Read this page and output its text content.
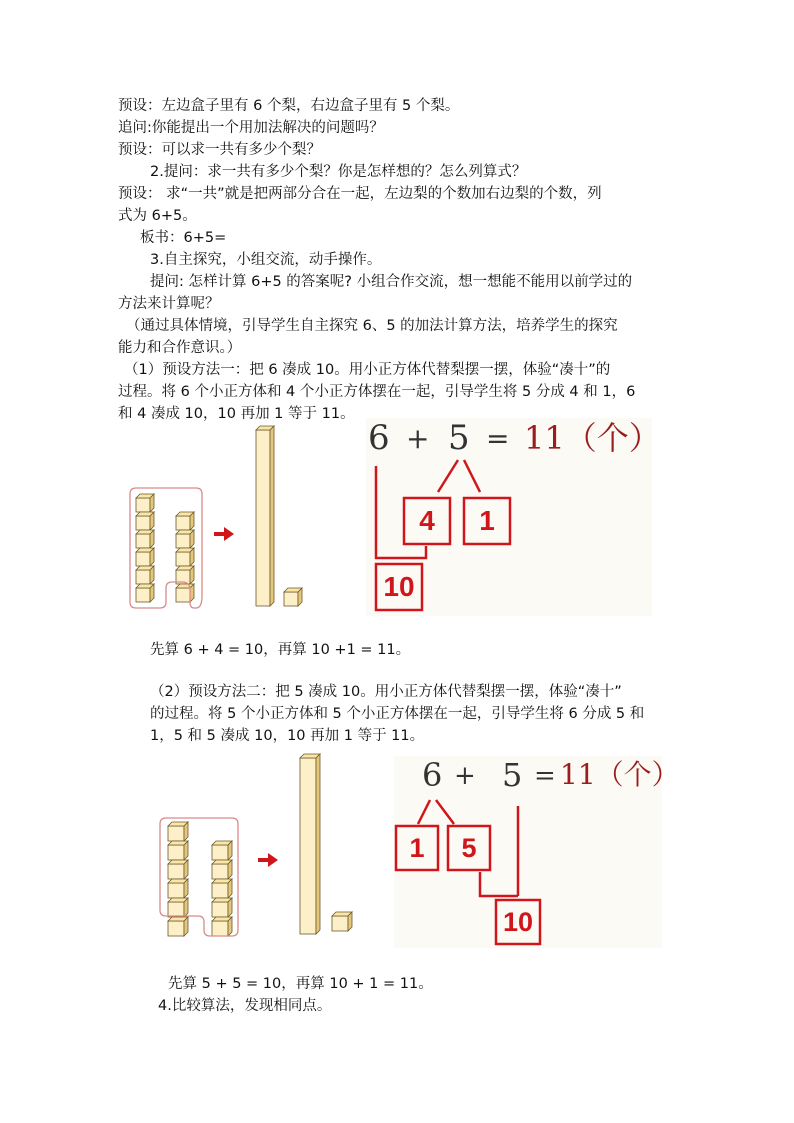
预设：左边盒子里有 6 个梨，右边盒子里有 5 个梨。
追问:你能提出一个用加法解决的问题吗？
预设：可以求一共有多少个梨？
2.提问：求一共有多少个梨？你是怎样想的？怎么列算式？
预设： 求“一共”就是把两部分合在一起，左边梨的个数加右边梨的个数，列
式为 6+5。
板书：6+5=
3.自主探究，小组交流，动手操作。
提问: 怎样计算 6+5 的答案呢? 小组合作交流，想一想能不能用以前学过的
方法来计算呢？
（通过具体情境，引导学生自主探究 6、5 的加法计算方法，培养学生的探究
能力和合作意识。）
（1）预设方法一：把 6 凑成 10。用小正方体代替梨摆一摆，体验“凑十”的
过程。将 6 个小正方体和 4 个小正方体摆在一起，引导学生将 5 分成 4 和 1，6
和 4 凑成 10，10 再加 1 等于 11。
6 + 5 = 11（个）
4	1
10
先算 6 + 4 = 10，再算 10 +1 = 11。
（2）预设方法二：把 5 凑成 10。用小正方体代替梨摆一摆，体验“凑十”
的过程。将 5 个小正方体和 5 个小正方体摆在一起，引导学生将 6 分成 5 和
1，5 和 5 凑成 10，10 再加 1 等于 11。
6 + 5 = 11（个）
1	5
10
先算 5 + 5 = 10，再算 10 + 1 = 11。
4.比较算法，发现相同点。
